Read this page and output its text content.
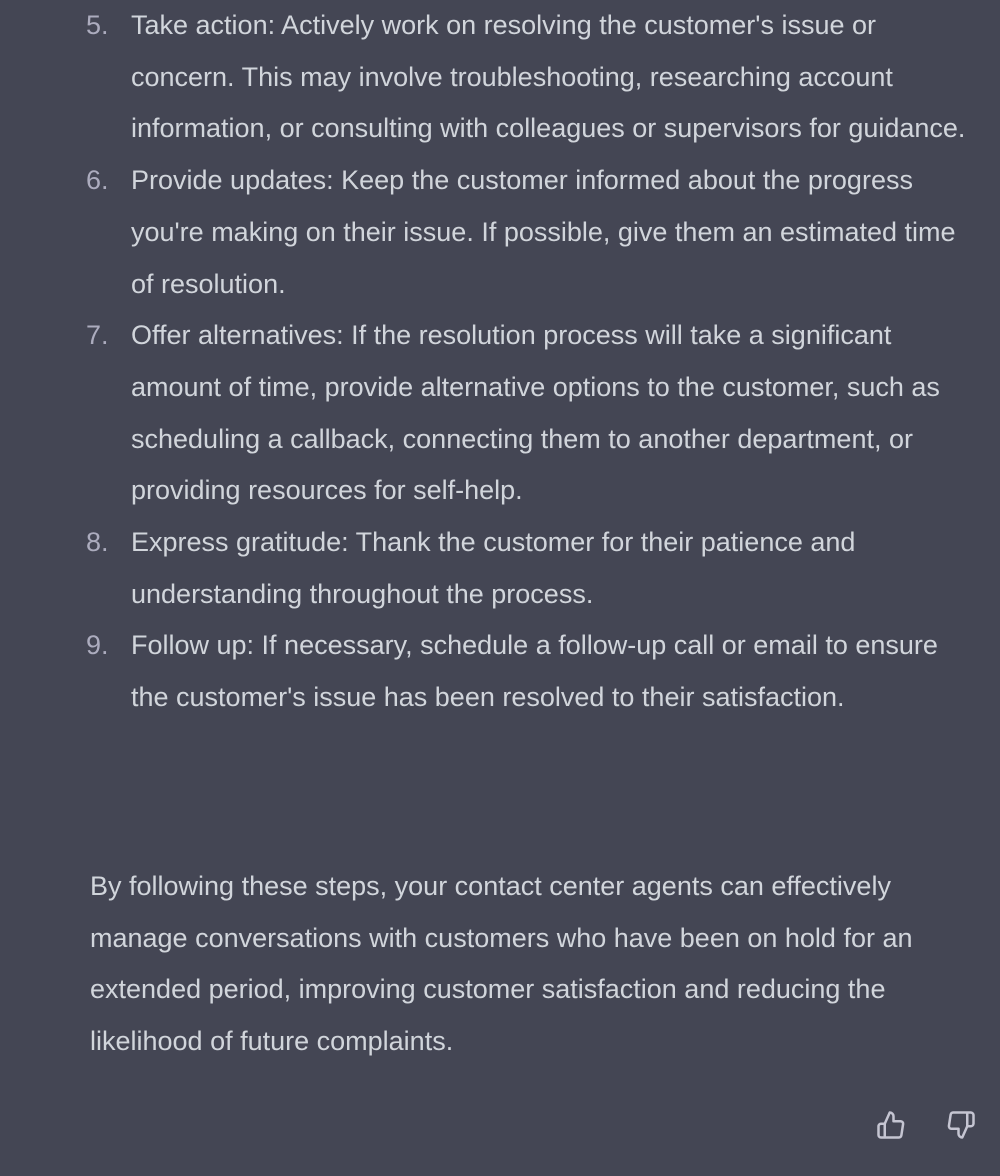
5. Take action: Actively work on resolving the customer's issue or concern. This may involve troubleshooting, researching account information, or consulting with colleagues or supervisors for guidance.
6. Provide updates: Keep the customer informed about the progress you're making on their issue. If possible, give them an estimated time of resolution.
7. Offer alternatives: If the resolution process will take a significant amount of time, provide alternative options to the customer, such as scheduling a callback, connecting them to another department, or providing resources for self-help.
8. Express gratitude: Thank the customer for their patience and understanding throughout the process.
9. Follow up: If necessary, schedule a follow-up call or email to ensure the customer's issue has been resolved to their satisfaction.

By following these steps, your contact center agents can effectively manage conversations with customers who have been on hold for an extended period, improving customer satisfaction and reducing the likelihood of future complaints.
